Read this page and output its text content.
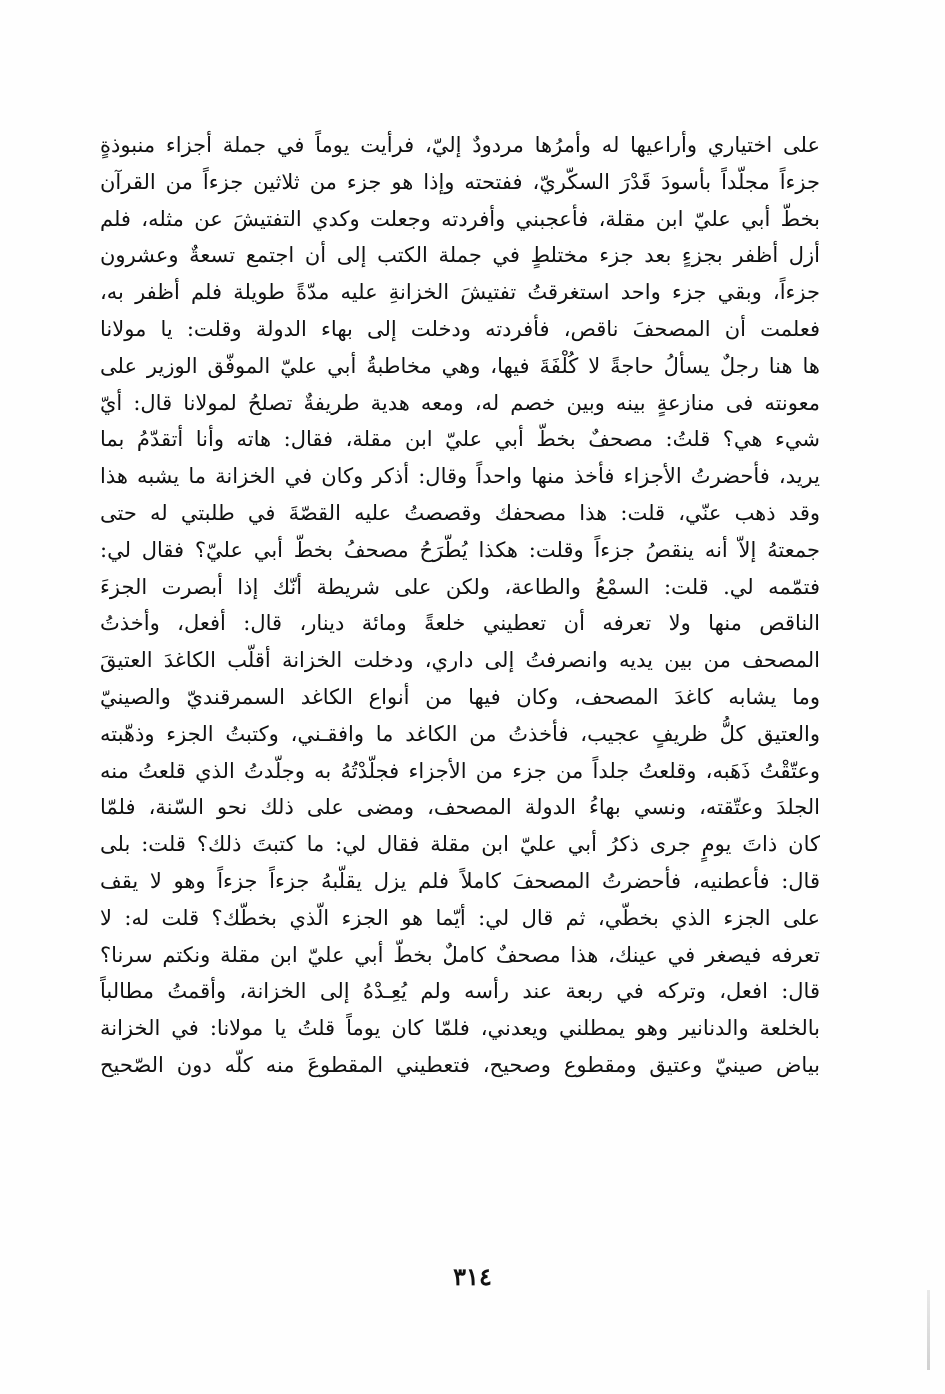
على اختياري وأراعيها له وأمرُها مردودٌ إليّ، فرأيت يوماً في جملة أجزاء منبوذةٍ
جزءاً مجلّداً بأسودَ قَدْرَ السكّريّ، ففتحته وإذا هو جزء من ثلاثين جزءاً من القرآن
بخطّ أبي عليّ ابن مقلة، فأعجبني وأفردته وجعلت وكدي التفتيشَ عن مثله، فلم
أزل أظفر بجزءٍ بعد جزء مختلطٍ في جملة الكتب إلى أن اجتمع تسعةٌ وعشرون
جزءاً، وبقي جزء واحد استغرقتُ تفتيشَ الخزانةِ عليه مدّةً طويلة فلم أظفر به،
فعلمت أن المصحفَ ناقص، فأفردته ودخلت إلى بهاء الدولة وقلت: يا مولانا
ها هنا رجلٌ يسألُ حاجةً لا كُلْفَةَ فيها، وهي مخاطبةُ أبي عليّ الموفّق الوزير على
معونته فى منازعةٍ بينه وبين خصم له، ومعه هدية طريفةٌ تصلحُ لمولانا قال: أيّ
شيء هي؟ قلتُ: مصحفٌ بخطّ أبي عليّ ابن مقلة، فقال: هاته وأنا أتقدّمُ بما
يريد، فأحضرتُ الأجزاء فأخذ منها واحداً وقال: أذكر وكان في الخزانة ما يشبه هذا
وقد ذهب عنّي، قلت: هذا مصحفك وقصصتُ عليه القصّةَ في طلبتي له حتى
جمعتهُ إلاّ أنه ينقصُ جزءاً وقلت: هكذا يُطّرَحُ مصحفُ بخطّ أبي عليّ؟ فقال لي:
فتمّمه لي. قلت: السمْعُ والطاعة، ولكن على شريطة أنّك إذا أبصرت الجزءَ
الناقص منها ولا تعرفه أن تعطيني خلعةً ومائة دينار، قال: أفعل، وأخذتُ
المصحف من بين يديه وانصرفتُ إلى داري، ودخلت الخزانة أقلّب الكاغدَ العتيقَ
وما يشابه كاغدَ المصحف، وكان فيها من أنواع الكاغد السمرقنديّ والصينيّ
والعتيق كلُّ ظريفٍ عجيب، فأخذتُ من الكاغد ما وافقـني، وكتبتُ الجزء وذهّبته
وعتّقْتُ ذَهَبه، وقلعتُ جلداً من جزء من الأجزاء فجلّدْتُهُ به وجلّدتُ الذي قلعتُ منه
الجلدَ وعتّقته، ونسي بهاءُ الدولة المصحف، ومضى على ذلك نحو السّنة، فلمّا
كان ذاتَ يومٍ جرى ذكرُ أبي عليّ ابن مقلة فقال لي: ما كتبتَ ذلك؟ قلت: بلى
قال: فأعطنيه، فأحضرتُ المصحفَ كاملاً فلم يزل يقلّبهُ جزءاً جزءاً وهو لا يقف
على الجزء الذي بخطّي، ثم قال لي: أيّما هو الجزء الّذي بخطّك؟ قلت له: لا
تعرفه فيصغر في عينك، هذا مصحفٌ كاملٌ بخطّ أبي عليّ ابن مقلة ونكتم سرنا؟
قال: افعل، وتركه في ربعة عند رأسه ولم يُعِـدْهُ إلى الخزانة، وأقمتُ مطالباً
بالخلعة والدنانير وهو يمطلني ويعدني، فلمّا كان يوماً قلتُ يا مولانا: في الخزانة
بياض صينيّ وعتيق ومقطوع وصحيح، فتعطيني المقطوعَ منه كلّه دون الصّحيح
٣١٤
